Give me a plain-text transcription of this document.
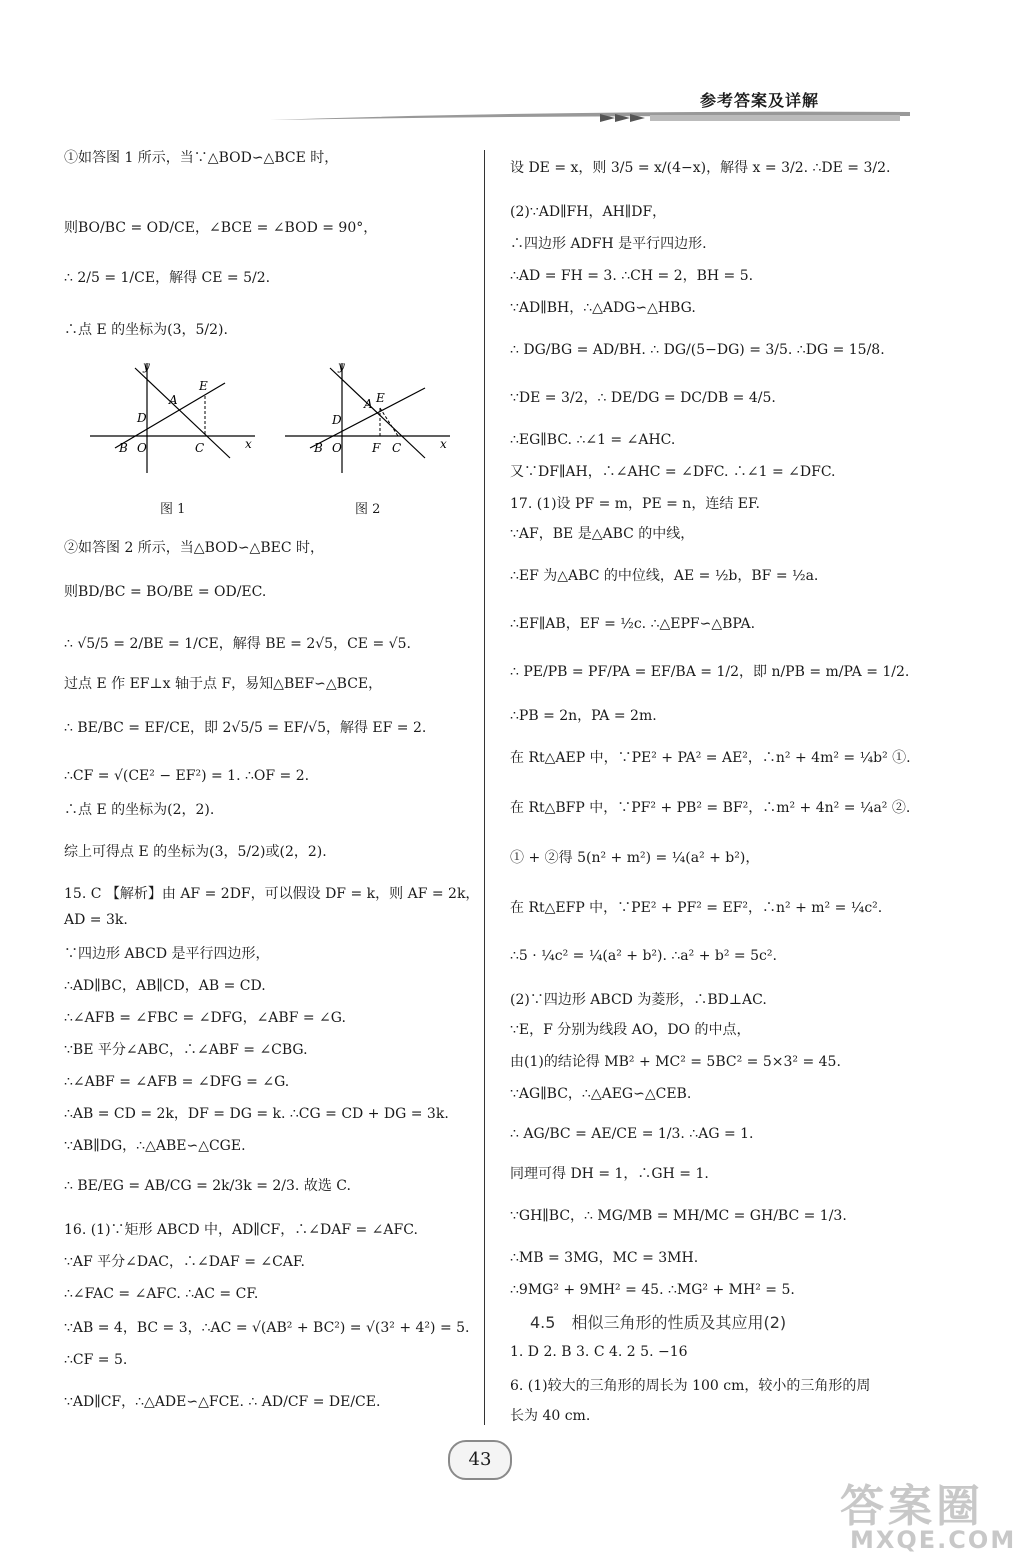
参考答案及详解
①如答图 1 所示，当∵△BOD∽△BCE 时，
则BO/BC = OD/CE，∠BCE = ∠BOD = 90°，
∴ 2/5 = 1/CE，解得 CE = 5/2.
∴点 E 的坐标为(3，5/2).
②如答图 2 所示，当△BOD∽△BEC 时，
则BD/BC = BO/BE = OD/EC.
∴ √5/5 = 2/BE = 1/CE，解得 BE = 2√5，CE = √5.
过点 E 作 EF⊥x 轴于点 F，易知△BEF∽△BCE，
∴ BE/BC = EF/CE，即 2√5/5 = EF/√5，解得 EF = 2.
∴CF = √(CE² − EF²) = 1. ∴OF = 2.
∴点 E 的坐标为(2，2).
综上可得点 E 的坐标为(3，5/2)或(2，2).
15. C 【解析】由 AF = 2DF，可以假设 DF = k，则 AF = 2k，
AD = 3k.
∵四边形 ABCD 是平行四边形，
∴AD∥BC，AB∥CD，AB = CD.
∴∠AFB = ∠FBC = ∠DFG，∠ABF = ∠G.
∵BE 平分∠ABC，∴∠ABF = ∠CBG.
∴∠ABF = ∠AFB = ∠DFG = ∠G.
∴AB = CD = 2k，DF = DG = k. ∴CG = CD + DG = 3k.
∵AB∥DG，∴△ABE∽△CGE.
∴ BE/EG = AB/CG = 2k/3k = 2/3. 故选 C.
16. (1)∵矩形 ABCD 中，AD∥CF，∴∠DAF = ∠AFC.
∵AF 平分∠DAC，∴∠DAF = ∠CAF.
∴∠FAC = ∠AFC. ∴AC = CF.
∵AB = 4，BC = 3，∴AC = √(AB² + BC²) = √(3² + 4²) = 5.
∴CF = 5.
∵AD∥CF，∴△ADE∽△FCE. ∴ AD/CF = DE/CE.
y
E
A
D
B O	C	x
图 1
y
E
A
D
B O	F C	x
图 2
设 DE = x，则 3/5 = x/(4−x)，解得 x = 3/2. ∴DE = 3/2.
(2)∵AD∥FH，AH∥DF，
∴四边形 ADFH 是平行四边形.
∴AD = FH = 3. ∴CH = 2，BH = 5.
∵AD∥BH，∴△ADG∽△HBG.
∴ DG/BG = AD/BH. ∴ DG/(5−DG) = 3/5. ∴DG = 15/8.
∵DE = 3/2，∴ DE/DG = DC/DB = 4/5.
∴EG∥BC. ∴∠1 = ∠AHC.
又∵DF∥AH，∴∠AHC = ∠DFC. ∴∠1 = ∠DFC.
17. (1)设 PF = m，PE = n，连结 EF.
∵AF，BE 是△ABC 的中线，
∴EF 为△ABC 的中位线，AE = ½b，BF = ½a.
∴EF∥AB，EF = ½c. ∴△EPF∽△BPA.
∴ PE/PB = PF/PA = EF/BA = 1/2，即 n/PB = m/PA = 1/2.
∴PB = 2n，PA = 2m.
在 Rt△AEP 中，∵PE² + PA² = AE²，∴n² + 4m² = ¼b² ①.
在 Rt△BFP 中，∵PF² + PB² = BF²，∴m² + 4n² = ¼a² ②.
① + ②得 5(n² + m²) = ¼(a² + b²)，
在 Rt△EFP 中，∵PE² + PF² = EF²，∴n² + m² = ¼c².
∴5 · ¼c² = ¼(a² + b²). ∴a² + b² = 5c².
(2)∵四边形 ABCD 为菱形，∴BD⊥AC.
∵E，F 分别为线段 AO，DO 的中点，
由(1)的结论得 MB² + MC² = 5BC² = 5×3² = 45.
∵AG∥BC，∴△AEG∽△CEB.
∴ AG/BC = AE/CE = 1/3. ∴AG = 1.
同理可得 DH = 1，∴GH = 1.
∵GH∥BC，∴ MG/MB = MH/MC = GH/BC = 1/3.
∴MB = 3MG，MC = 3MH.
∴9MG² + 9MH² = 45. ∴MG² + MH² = 5.
1. D 2. B 3. C 4. 2 5. −16
6. (1)较大的三角形的周长为 100 cm，较小的三角形的周
长为 40 cm.
4.5　相似三角形的性质及其应用(2)
43
答案圈
MXQE.COM
